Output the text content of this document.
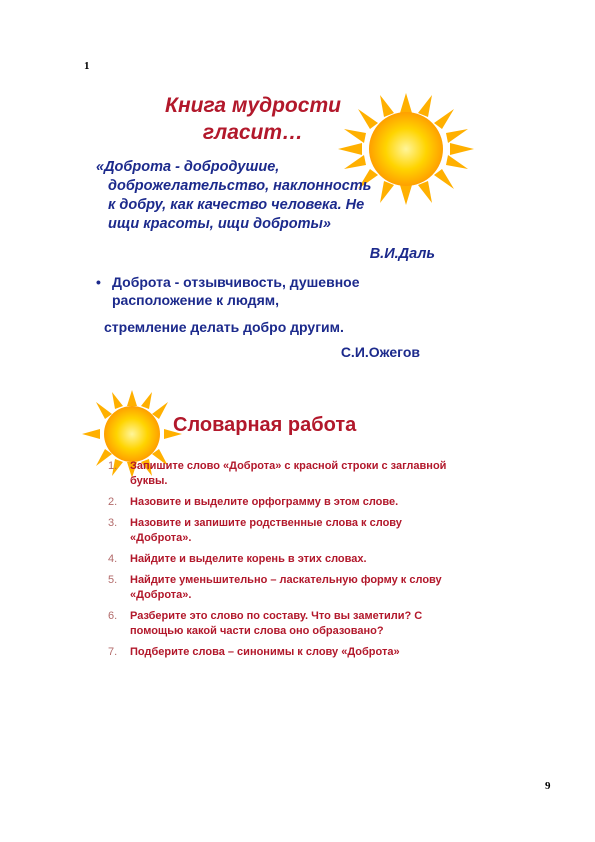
1
Книга мудрости
гласит…
«Доброта - добродушие,
доброжелательство, наклонность
к добру, как качество человека. Не
ищи красоты, ищи доброты»
В.И.Даль
• Доброта - отзывчивость, душевное
расположение к людям,
стремление делать добро другим.
С.И.Ожегов
Словарная работа
1.	Запишите слово «Доброта» с красной строки с заглавной буквы.
2.	Назовите и выделите орфограмму в этом слове.
3.	Назовите и запишите родственные слова к слову «Доброта».
4.	Найдите и выделите корень в этих словах.
5.	Найдите уменьшительно – ласкательную форму к слову «Доброта».
6.	Разберите это слово по составу. Что вы заметили? С помощью какой части слова оно образовано?
7.	Подберите слова – синонимы к слову «Доброта»
9
